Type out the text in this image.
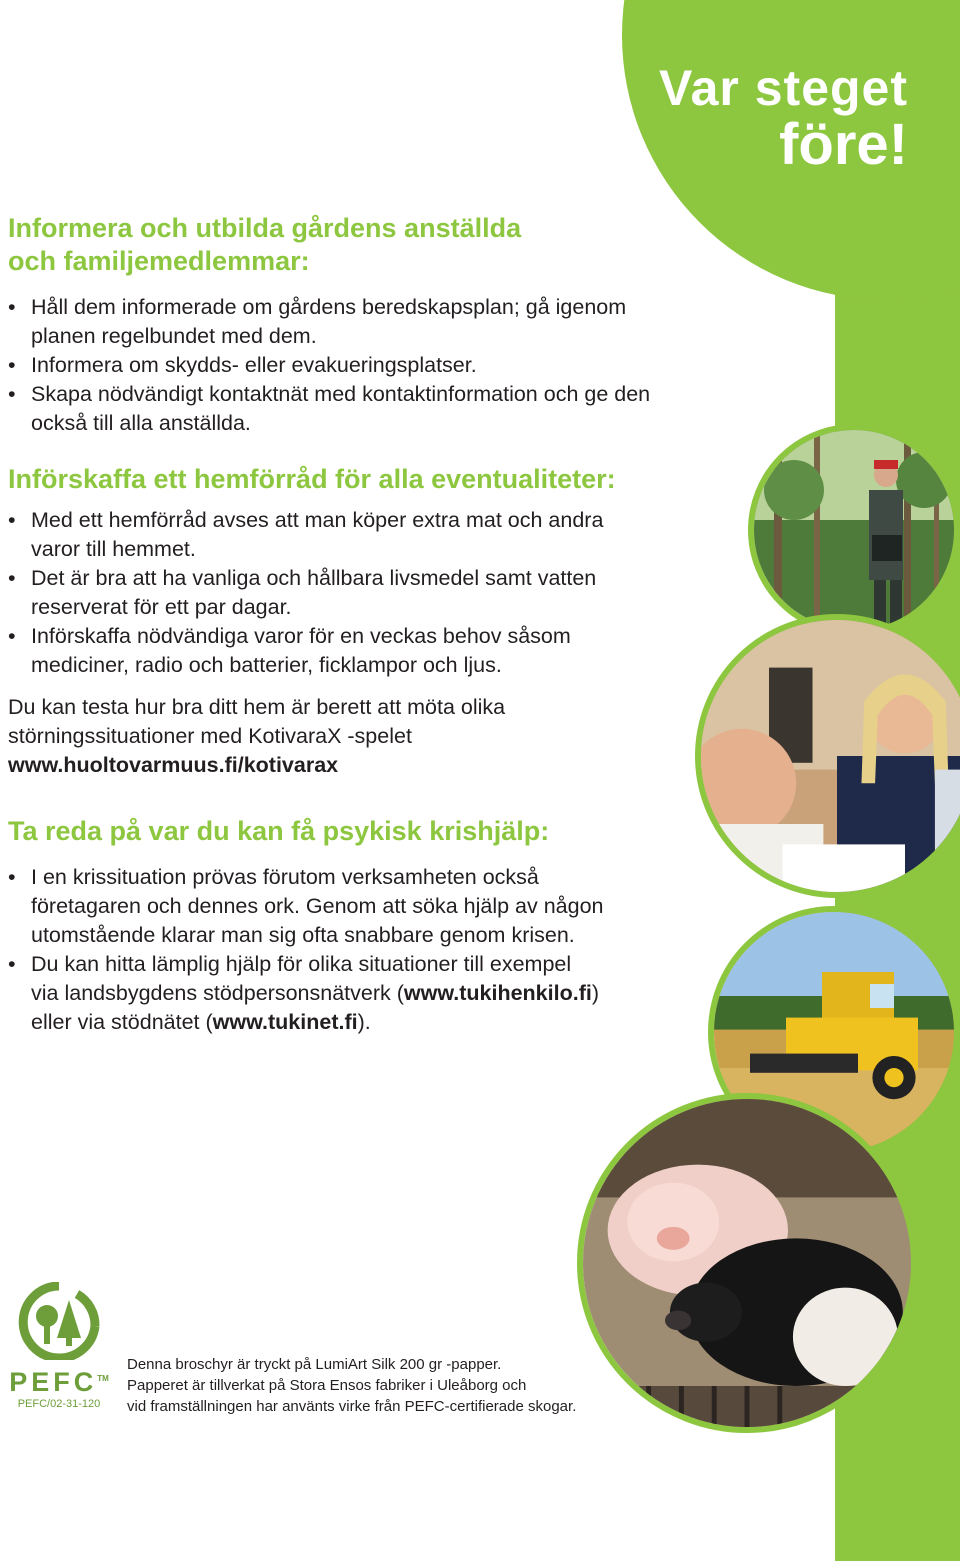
Var steget
före!
Informera och utbilda gårdens anställda
och familjemedlemmar:
• Håll dem informerade om gårdens beredskapsplan; gå igenom
planen regelbundet med dem.
• Informera om skydds- eller evakueringsplatser.
• Skapa nödvändigt kontaktnät med kontaktinformation och ge den
också till alla anställda.
Införskaffa ett hemförråd för alla eventualiteter:
• Med ett hemförråd avses att man köper extra mat och andra
varor till hemmet.
• Det är bra att ha vanliga och hållbara livsmedel samt vatten
reserverat för ett par dagar.
• Införskaffa nödvändiga varor för en veckas behov såsom
mediciner, radio och batterier, ficklampor och ljus.

Du kan testa hur bra ditt hem är berett att möta olika
störningssituationer med KotivaraX -spelet
www.huoltovarmuus.fi/kotivarax

Ta reda på var du kan få psykisk krishjälp:
• I en krissituation prövas förutom verksamheten också
företagaren och dennes ork. Genom att söka hjälp av någon
utomstående klarar man sig ofta snabbare genom krisen.
• Du kan hitta lämplig hjälp för olika situationer till exempel
via landsbygdens stödpersonsnätverk (www.tukihenkilo.fi)
eller via stödnätet (www.tukinet.fi).
PEFC™
PEFC/02-31-120
Denna broschyr är tryckt på LumiArt Silk 200 gr -papper.
Papperet är tillverkat på Stora Ensos fabriker i Uleåborg och
vid framställningen har använts virke från PEFC-certifierade skogar.
